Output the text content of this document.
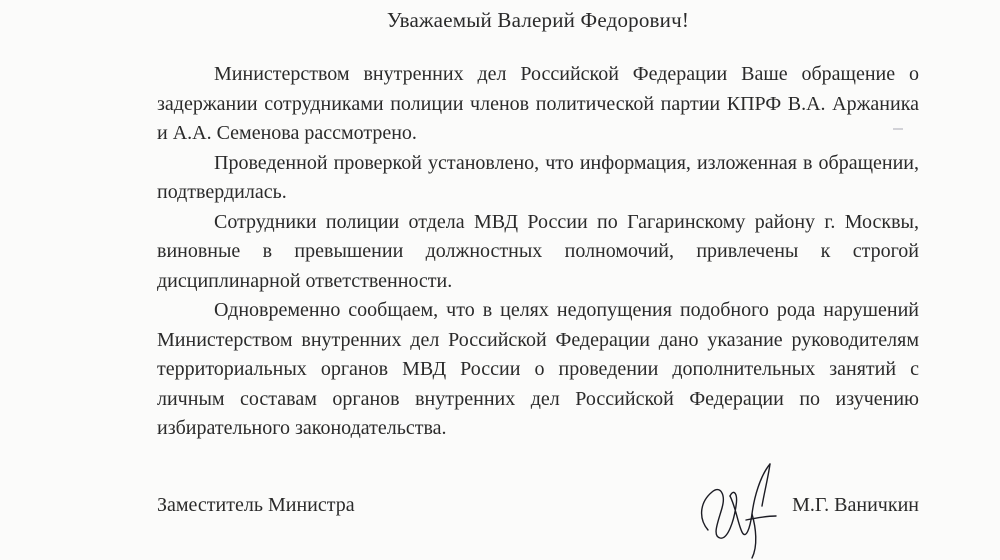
Уважаемый Валерий Федорович!

Министерством внутренних дел Российской Федерации Ваше обращение о задержании сотрудниками полиции членов политической партии КПРФ В.А. Аржаника и А.А. Семенова рассмотрено.

Проведенной проверкой установлено, что информация, изложенная в обращении, подтвердилась.

Сотрудники полиции отдела МВД России по Гагаринскому району г. Москвы, виновные в превышении должностных полномочий, привлечены к строгой дисциплинарной ответственности.

Одновременно сообщаем, что в целях недопущения подобного рода нарушений Министерством внутренних дел Российской Федерации дано указание руководителям территориальных органов МВД России о проведении дополнительных занятий с личным составам органов внутренних дел Российской Федерации по изучению избирательного законодательства.

Заместитель Министра	М.Г. Ваничкин
